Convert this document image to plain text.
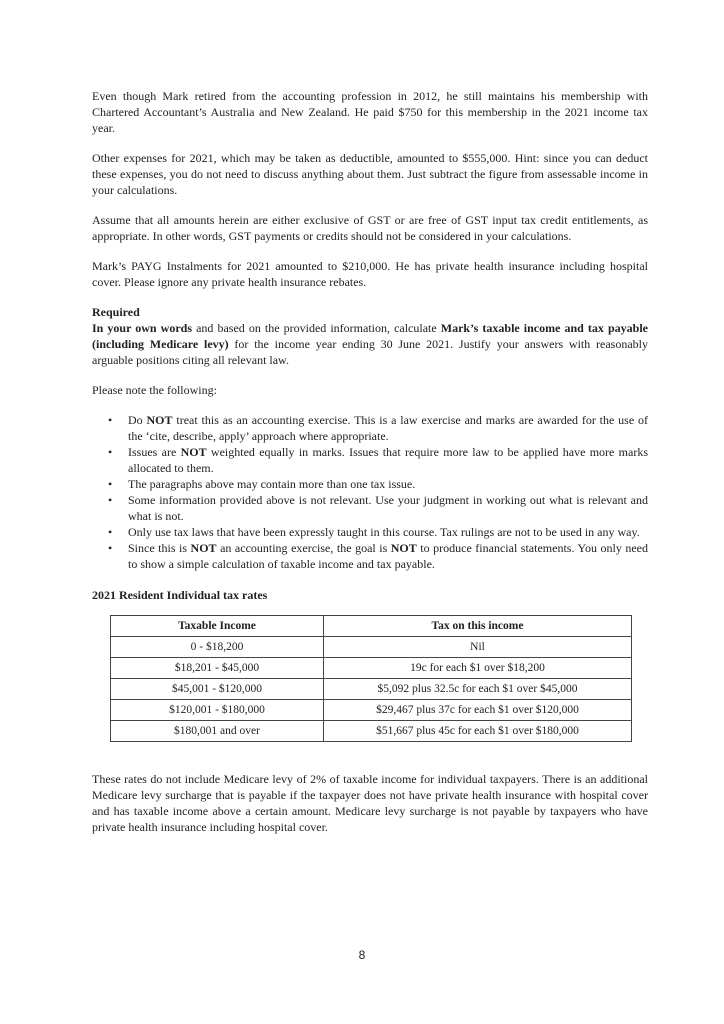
Even though Mark retired from the accounting profession in 2012, he still maintains his membership with Chartered Accountant’s Australia and New Zealand. He paid $750 for this membership in the 2021 income tax year.

Other expenses for 2021, which may be taken as deductible, amounted to $555,000. Hint: since you can deduct these expenses, you do not need to discuss anything about them. Just subtract the figure from assessable income in your calculations.

Assume that all amounts herein are either exclusive of GST or are free of GST input tax credit entitlements, as appropriate. In other words, GST payments or credits should not be considered in your calculations.

Mark’s PAYG Instalments for 2021 amounted to $210,000. He has private health insurance including hospital cover. Please ignore any private health insurance rebates.

Required

In your own words and based on the provided information, calculate Mark’s taxable income and tax payable (including Medicare levy) for the income year ending 30 June 2021. Justify your answers with reasonably arguable positions citing all relevant law.

Please note the following:

• Do NOT treat this as an accounting exercise. This is a law exercise and marks are awarded for the use of the ‘cite, describe, apply’ approach where appropriate.
• Issues are NOT weighted equally in marks. Issues that require more law to be applied have more marks allocated to them.
• The paragraphs above may contain more than one tax issue.
• Some information provided above is not relevant. Use your judgment in working out what is relevant and what is not.
• Only use tax laws that have been expressly taught in this course. Tax rulings are not to be used in any way.
• Since this is NOT an accounting exercise, the goal is NOT to produce financial statements. You only need to show a simple calculation of taxable income and tax payable.
2021 Resident Individual tax rates
Taxable Income	Tax on this income
0 - $18,200	Nil
$18,201 - $45,000	19c for each $1 over $18,200
$45,001 - $120,000	$5,092 plus 32.5c for each $1 over $45,000
$120,001 - $180,000	$29,467 plus 37c for each $1 over $120,000
$180,001 and over	$51,667 plus 45c for each $1 over $180,000

These rates do not include Medicare levy of 2% of taxable income for individual taxpayers. There is an additional Medicare levy surcharge that is payable if the taxpayer does not have private health insurance with hospital cover and has taxable income above a certain amount. Medicare levy surcharge is not payable by taxpayers who have private health insurance including hospital cover.

8
